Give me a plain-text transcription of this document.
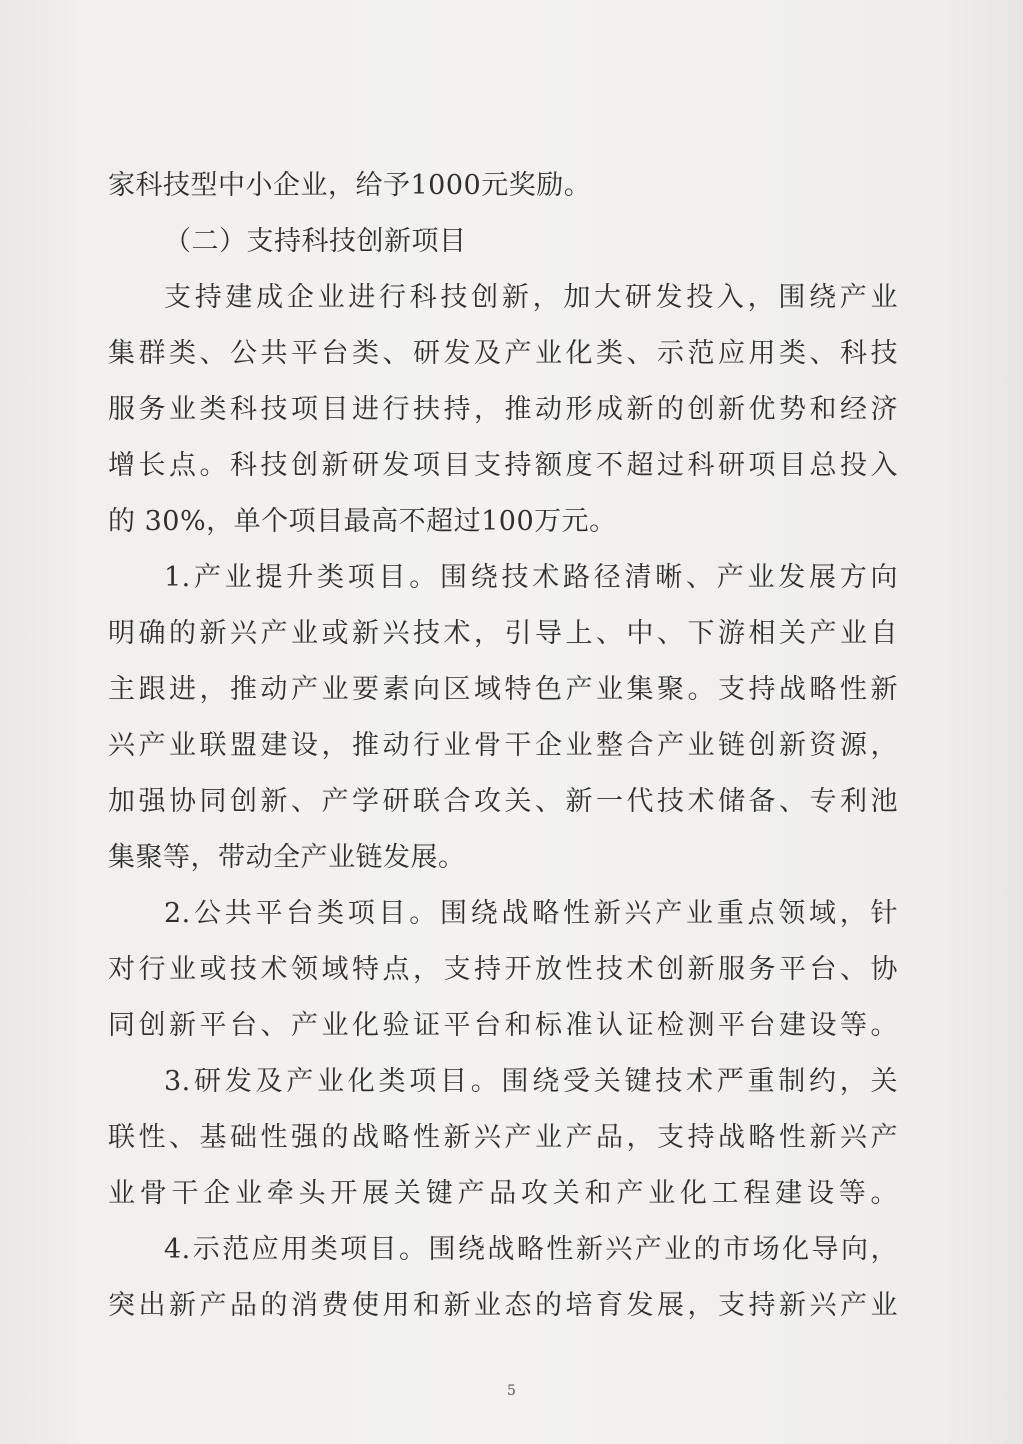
家科技型中小企业，给予1000元奖励。
（二）支持科技创新项目
支持建成企业进行科技创新，加大研发投入，围绕产业
集群类、公共平台类、研发及产业化类、示范应用类、科技
服务业类科技项目进行扶持，推动形成新的创新优势和经济
增长点。科技创新研发项目支持额度不超过科研项目总投入
的 30%，单个项目最高不超过100万元。
1.产业提升类项目。围绕技术路径清晰、产业发展方向
明确的新兴产业或新兴技术，引导上、中、下游相关产业自
主跟进，推动产业要素向区域特色产业集聚。支持战略性新
兴产业联盟建设，推动行业骨干企业整合产业链创新资源，
加强协同创新、产学研联合攻关、新一代技术储备、专利池
集聚等，带动全产业链发展。
2.公共平台类项目。围绕战略性新兴产业重点领域，针
对行业或技术领域特点，支持开放性技术创新服务平台、协
同创新平台、产业化验证平台和标准认证检测平台建设等。
3.研发及产业化类项目。围绕受关键技术严重制约，关
联性、基础性强的战略性新兴产业产品，支持战略性新兴产
业骨干企业牵头开展关键产品攻关和产业化工程建设等。
4.示范应用类项目。围绕战略性新兴产业的市场化导向，
突出新产品的消费使用和新业态的培育发展，支持新兴产业
5
